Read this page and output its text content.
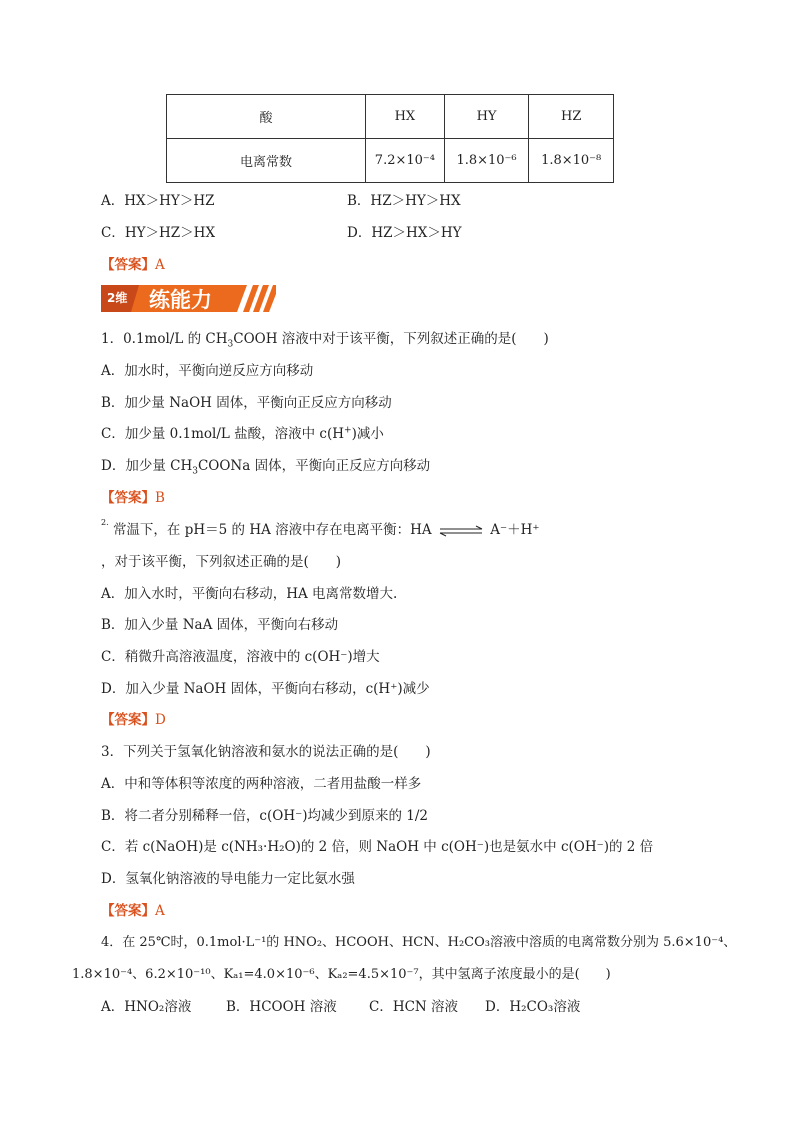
酸	HX	HY	HZ
电离常数	7.2×10⁻⁴	1.8×10⁻⁶	1.8×10⁻⁸
A．HX＞HY＞HZ	B．HZ＞HY＞HX
C．HY＞HZ＞HX	D．HZ＞HX＞HY
【答案】A
2维 练能力
1．0.1mol/L 的 $CH_3COOH$ 溶液中对于该平衡，下列叙述正确的是(　　)
A．加水时，平衡向逆反应方向移动
B．加少量 NaOH 固体，平衡向正反应方向移动
C．加少量 0.1mol/L 盐酸，溶液中 c(H+)减小
D．加少量 $CH_3COONa$ 固体，平衡向正反应方向移动
【答案】B
$^{2.}$ 常温下，在 pH＝5 的 HA 溶液中存在电离平衡：HA ⇌ A⁻＋H⁺
，对于该平衡，下列叙述正确的是(　　)
A．加入水时，平衡向右移动，HA 电离常数增大.
B．加入少量 NaA 固体，平衡向右移动
C．稍微升高溶液温度，溶液中的 c(OH⁻)增大
D．加入少量 NaOH 固体，平衡向右移动，c(H⁺)减少
【答案】D
3．下列关于氢氧化钠溶液和氨水的说法正确的是(　　)
A．中和等体积等浓度的两种溶液，二者用盐酸一样多
B．将二者分别稀释一倍，c(OH⁻)均减少到原来的 1/2
C．若 c(NaOH)是 c(NH₃·H₂O)的 2 倍，则 NaOH 中 c(OH⁻)也是氨水中 c(OH⁻)的 2 倍
D．氢氧化钠溶液的导电能力一定比氨水强
【答案】A
4．在 25℃时，0.1mol·L⁻¹的 HNO₂、HCOOH、HCN、H₂CO₃溶液中溶质的电离常数分别为 5.6×10⁻⁴、
1.8×10⁻⁴、6.2×10⁻¹⁰、Kₐ₁=4.0×10⁻⁶、Kₐ₂=4.5×10⁻⁷，其中氢离子浓度最小的是(　　)
A．HNO₂溶液	B．HCOOH 溶液 C．HCN 溶液 D．H₂CO₃溶液
